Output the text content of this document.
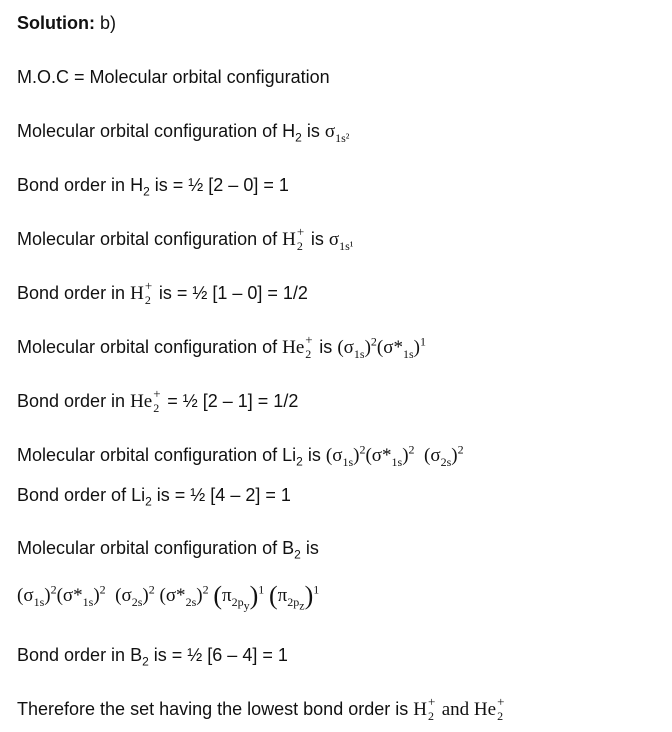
Solution: b)
M.O.C = Molecular orbital configuration
Molecular orbital configuration of $H_2$ is $\sigma_{1s^2}$
Bond order in $H_2$ is = ½ [2 – 0] = 1
Molecular orbital configuration of H +
2 is $\sigma_{1s^1}$
Bond order in H +
2 is = ½ [1 – 0] = 1/2
Molecular orbital configuration of He +
2 is $(\sigma_{1s})^2(\sigma*_{1s})^1$
Bond order in He +
2 = ½ [2 – 1] = 1/2
Molecular orbital configuration of $Li_2$ is $(\sigma_{1s})^2(\sigma*_{1s})^2$  $(\sigma_{2s})^2$
Bond order of $Li_2$ is = ½ [4 – 2] = 1
Molecular orbital configuration of $B_2$ is
$(\sigma_{1s})^2(\sigma*_{1s})^2$  $(\sigma_{2s})^2$ $(\sigma*_{2s})^2$ $(\pi_{2p_y})^1$ $(\pi_{2p_z})^1$
Bond order in $B_2$ is = ½ [6 – 4] = 1
Therefore the set having the lowest bond order is H +
2 and He +
2
